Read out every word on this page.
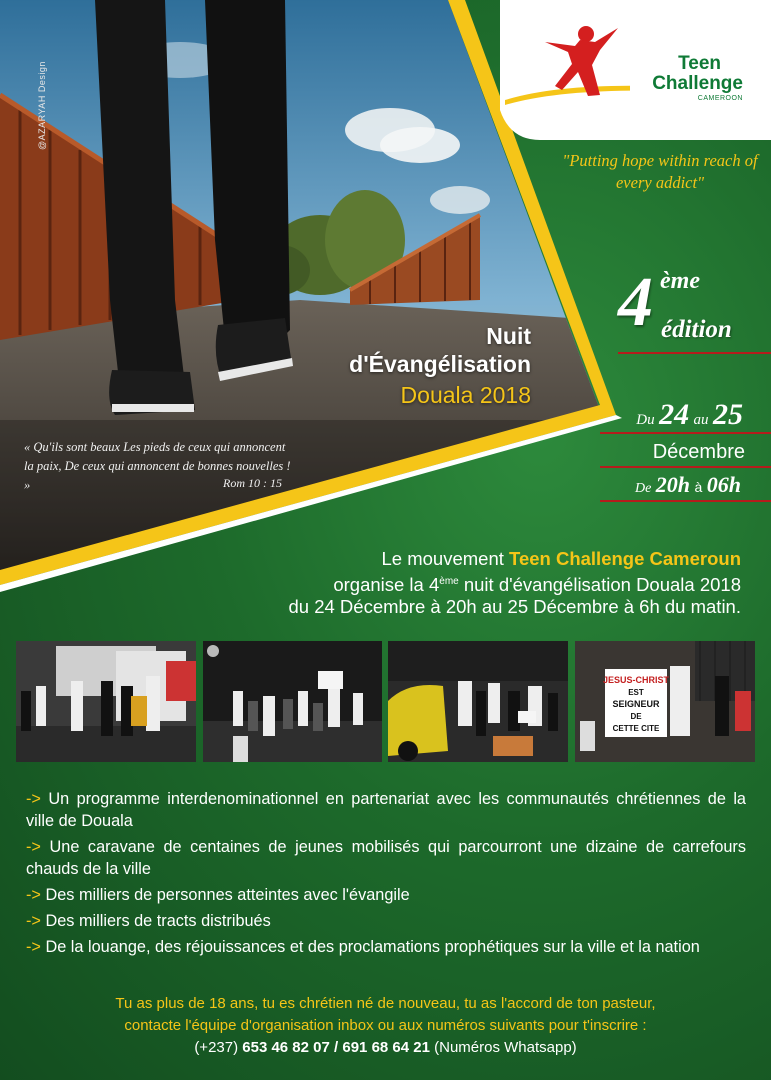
@AZARYAH Design
Nuit
d'Évangélisation
Douala 2018
« Qu'ils sont beaux Les pieds de ceux qui annoncent la paix, De ceux qui annoncent de bonnes nouvelles ! »	Rom 10 : 15
Teen
Challenge
CAMEROON
"Putting hope within reach of every addict"
4 ème
édition
Du 24 au 25
Décembre
De 20h à 06h
Le mouvement Teen Challenge Cameroun
organise la 4ème nuit d'évangélisation Douala 2018
du 24 Décembre à 20h au 25 Décembre à 6h du matin.
JESUS-CHRIST
EST
SEIGNEUR
DE
CETTE CITE
-> Un programme interdenominationnel en partenariat avec les communautés chrétiennes de la ville de Douala
-> Une caravane de centaines de jeunes mobilisés qui parcourront une dizaine de carrefours chauds de la ville
-> Des milliers de personnes atteintes avec l'évangile
-> Des milliers de tracts distribués
-> De la louange, des réjouissances et des proclamations prophétiques sur la ville et la nation
Tu as plus de 18 ans, tu es chrétien né de nouveau, tu as l'accord de ton pasteur,
contacte l'équipe d'organisation inbox ou aux numéros suivants pour t'inscrire :
(+237) 653 46 82 07 / 691 68 64 21 (Numéros Whatsapp)
